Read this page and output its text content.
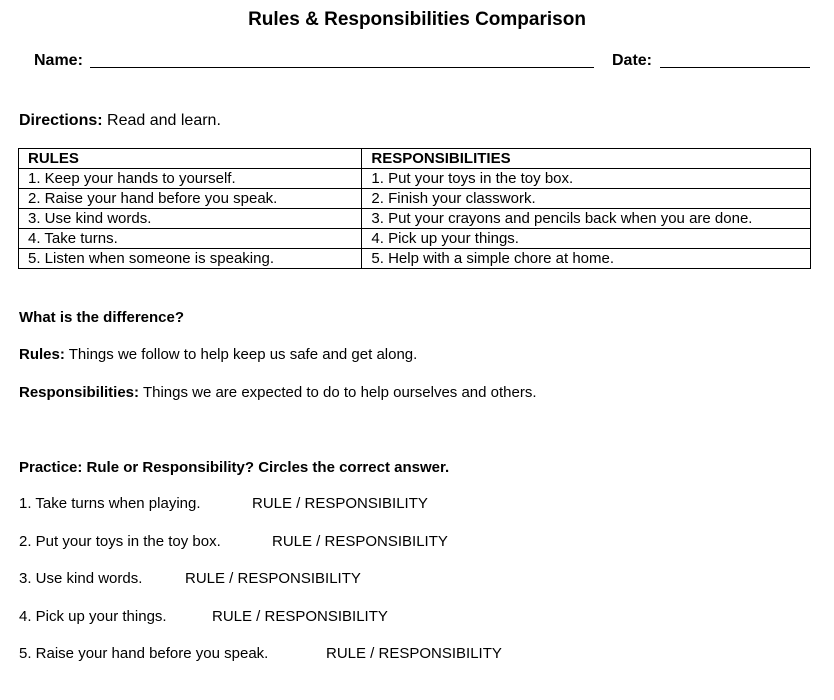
Rules & Responsibilities Comparison
Name:	Date:
Directions: Read and learn.
RULES	RESPONSIBILITIES
1. Keep your hands to yourself.	1. Put your toys in the toy box.
2. Raise your hand before you speak.	2. Finish your classwork.
3. Use kind words.	3. Put your crayons and pencils back when you are done.
4. Take turns.	4. Pick up your things.
5. Listen when someone is speaking.	5. Help with a simple chore at home.
What is the difference?
Rules: Things we follow to help keep us safe and get along.
Responsibilities: Things we are expected to do to help ourselves and others.
Practice: Rule or Responsibility? Circles the correct answer.
1. Take turns when playing.	RULE / RESPONSIBILITY
2. Put your toys in the toy box.	RULE / RESPONSIBILITY
3. Use kind words.	RULE / RESPONSIBILITY
4. Pick up your things.	RULE / RESPONSIBILITY
5. Raise your hand before you speak.	RULE / RESPONSIBILITY
